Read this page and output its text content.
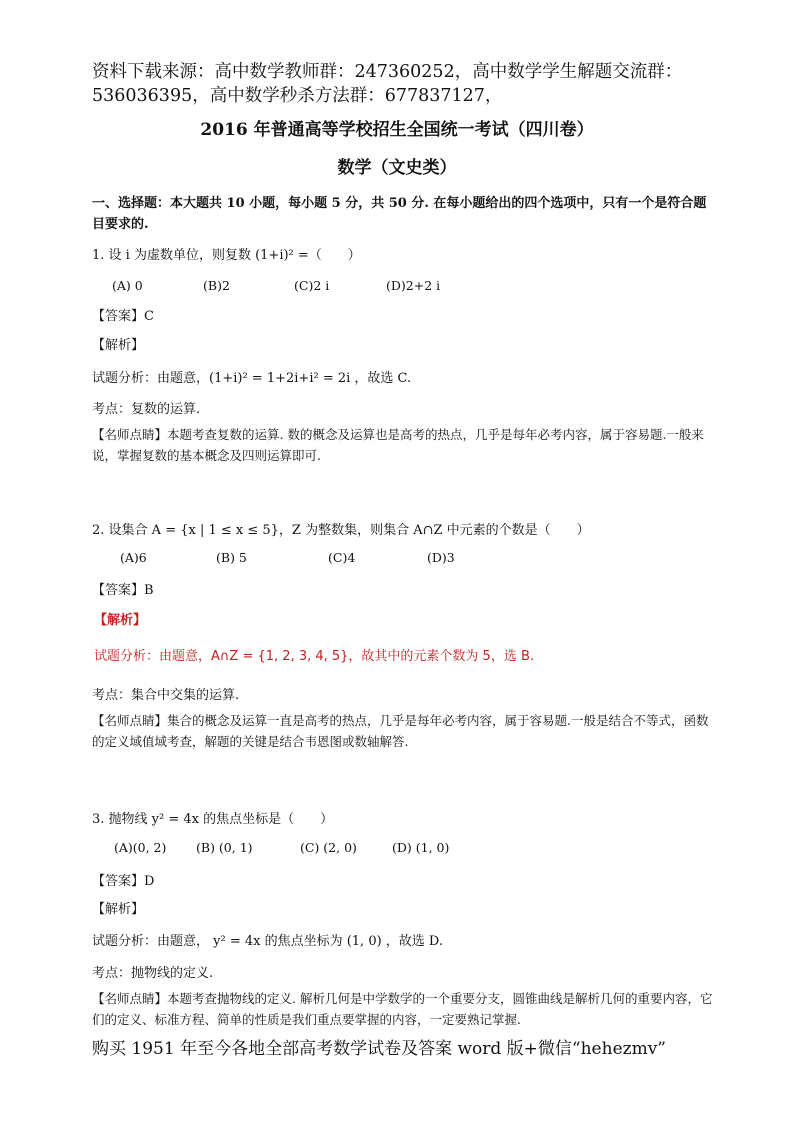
资料下载来源：高中数学教师群：247360252，高中数学学生解题交流群：
536036395，高中数学秒杀方法群：677837127，
2016 年普通高等学校招生全国统一考试（四川卷）
数学（文史类）
一、选择题：本大题共 10 小题，每小题 5 分，共 50 分. 在每小题给出的四个选项中，只有一个是符合题目要求的.
1. 设 i 为虚数单位，则复数 (1+i)² =（　　）
(A) 0	(B)2	(C)2 i	(D)2+2 i
【答案】C
【解析】
试题分析：由题意，(1+i)² = 1+2i+i² = 2i ，故选 C.
考点：复数的运算.
【名师点睛】本题考查复数的运算. 数的概念及运算也是高考的热点，几乎是每年必考内容，属于容易题.一般来说，掌握复数的基本概念及四则运算即可.
2. 设集合 A = {x | 1 ≤ x ≤ 5}，Z 为整数集，则集合 A∩Z 中元素的个数是（　　）
(A)6	(B) 5	(C)4	(D)3
【答案】B
【解析】
试题分析：由题意，A∩Z = {1, 2, 3, 4, 5}，故其中的元素个数为 5，选 B.
考点：集合中交集的运算.
【名师点睛】集合的概念及运算一直是高考的热点，几乎是每年必考内容，属于容易题.一般是结合不等式，函数的定义域值域考查，解题的关键是结合韦恩图或数轴解答.
3. 抛物线 y² = 4x 的焦点坐标是（　　）
(A)(0, 2) (B) (0, 1)	(C) (2, 0)	(D) (1, 0)
【答案】D
【解析】
试题分析：由题意， y² = 4x 的焦点坐标为 (1, 0) ，故选 D.
考点：抛物线的定义.
【名师点睛】本题考查抛物线的定义. 解析几何是中学数学的一个重要分支，圆锥曲线是解析几何的重要内容，它们的定义、标准方程、简单的性质是我们重点要掌握的内容，一定要熟记掌握.
购买 1951 年至今各地全部高考数学试卷及答案 word 版+微信“hehezmv”
